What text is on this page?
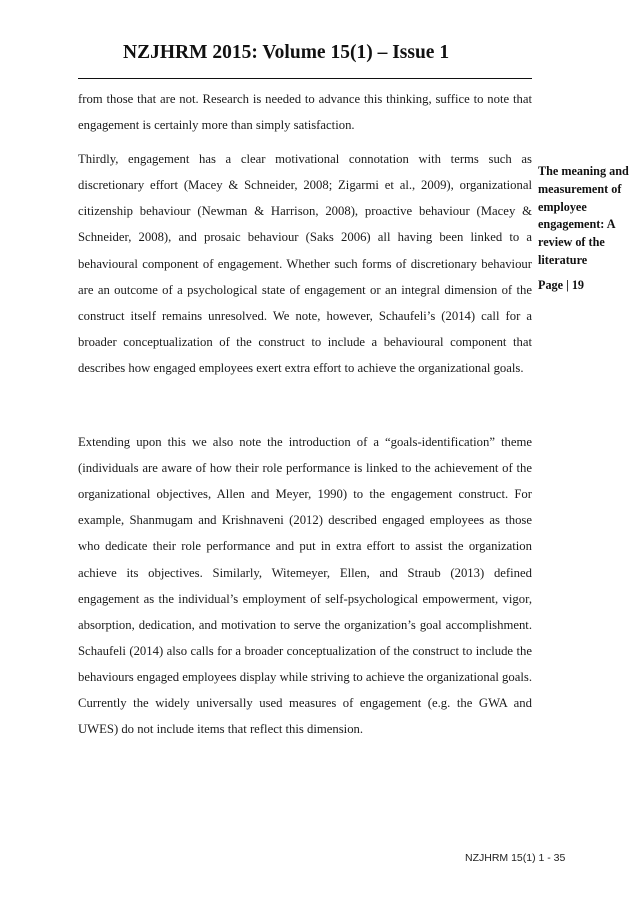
NZJHRM 2015: Volume 15(1) – Issue 1

from those that are not. Research is needed to advance this thinking, suffice to note that engagement is certainly more than simply satisfaction.

Thirdly, engagement has a clear motivational connotation with terms such as discretionary effort (Macey & Schneider, 2008; Zigarmi et al., 2009), organizational citizenship behaviour (Newman & Harrison, 2008), proactive behaviour (Macey & Schneider, 2008), and prosaic behaviour (Saks 2006) all having been linked to a behavioural component of engagement. Whether such forms of discretionary behaviour are an outcome of a psychological state of engagement or an integral dimension of the construct itself remains unresolved. We note, however, Schaufeli’s (2014) call for a broader conceptualization of the construct to include a behavioural component that describes how engaged employees exert extra effort to achieve the organizational goals.

Extending upon this we also note the introduction of a “goals-identification” theme (individuals are aware of how their role performance is linked to the achievement of the organizational objectives, Allen and Meyer, 1990) to the engagement construct. For example, Shanmugam and Krishnaveni (2012) described engaged employees as those who dedicate their role performance and put in extra effort to assist the organization achieve its objectives. Similarly, Witemeyer, Ellen, and Straub (2013) defined engagement as the individual’s employment of self-psychological empowerment, vigor, absorption, dedication, and motivation to serve the organization’s goal accomplishment. Schaufeli (2014) also calls for a broader conceptualization of the construct to include the behaviours engaged employees display while striving to achieve the organizational goals. Currently the widely universally used measures of engagement (e.g. the GWA and UWES) do not include items that reflect this dimension.

The meaning and measurement of employee engagement: A review of the literature
Page | 19
NZJHRM 15(1) 1 - 35
